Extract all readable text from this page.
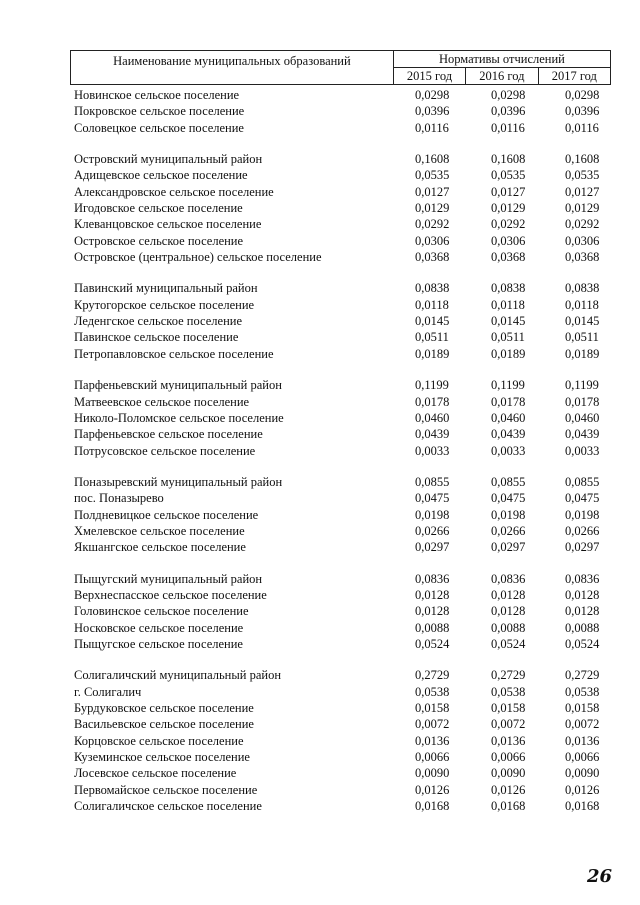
Наименование муниципальных образований	Нормативы отчислений		
	2015 год	2016 год	2017 год
Новинское сельское поселение	0,0298	0,0298	0,0298
Покровское сельское поселение	0,0396	0,0396	0,0396
Соловецкое сельское поселение	0,0116	0,0116	0,0116
Островский муниципальный район	0,1608	0,1608	0,1608
Адищевское сельское поселение	0,0535	0,0535	0,0535
Александровское сельское поселение	0,0127	0,0127	0,0127
Игодовское сельское поселение	0,0129	0,0129	0,0129
Клеванцовское сельское поселение	0,0292	0,0292	0,0292
Островское сельское поселение	0,0306	0,0306	0,0306
Островское (центральное) сельское поселение	0,0368	0,0368	0,0368
Павинский муниципальный район	0,0838	0,0838	0,0838
Крутогорское сельское поселение	0,0118	0,0118	0,0118
Леденгское сельское поселение	0,0145	0,0145	0,0145
Павинское сельское поселение	0,0511	0,0511	0,0511
Петропавловское сельское поселение	0,0189	0,0189	0,0189
Парфеньевский муниципальный район	0,1199	0,1199	0,1199
Матвеевское сельское поселение	0,0178	0,0178	0,0178
Николо-Поломское сельское поселение	0,0460	0,0460	0,0460
Парфеньевское сельское поселение	0,0439	0,0439	0,0439
Потрусовское сельское поселение	0,0033	0,0033	0,0033
Поназыревский муниципальный район	0,0855	0,0855	0,0855
пос. Поназырево	0,0475	0,0475	0,0475
Полдневицкое сельское поселение	0,0198	0,0198	0,0198
Хмелевское сельское поселение	0,0266	0,0266	0,0266
Якшангское сельское поселение	0,0297	0,0297	0,0297
Пыщугский муниципальный район	0,0836	0,0836	0,0836
Верхнеспасское сельское поселение	0,0128	0,0128	0,0128
Головинское сельское поселение	0,0128	0,0128	0,0128
Носковское сельское поселение	0,0088	0,0088	0,0088
Пыщугское сельское поселение	0,0524	0,0524	0,0524
Солигаличский муниципальный район	0,2729	0,2729	0,2729
г. Солигалич	0,0538	0,0538	0,0538
Бурдуковское сельское поселение	0,0158	0,0158	0,0158
Васильевское сельское поселение	0,0072	0,0072	0,0072
Корцовское сельское поселение	0,0136	0,0136	0,0136
Куземинское сельское поселение	0,0066	0,0066	0,0066
Лосевское сельское поселение	0,0090	0,0090	0,0090
Первомайское сельское поселение	0,0126	0,0126	0,0126
Солигаличское сельское поселение	0,0168	0,0168	0,0168
26
